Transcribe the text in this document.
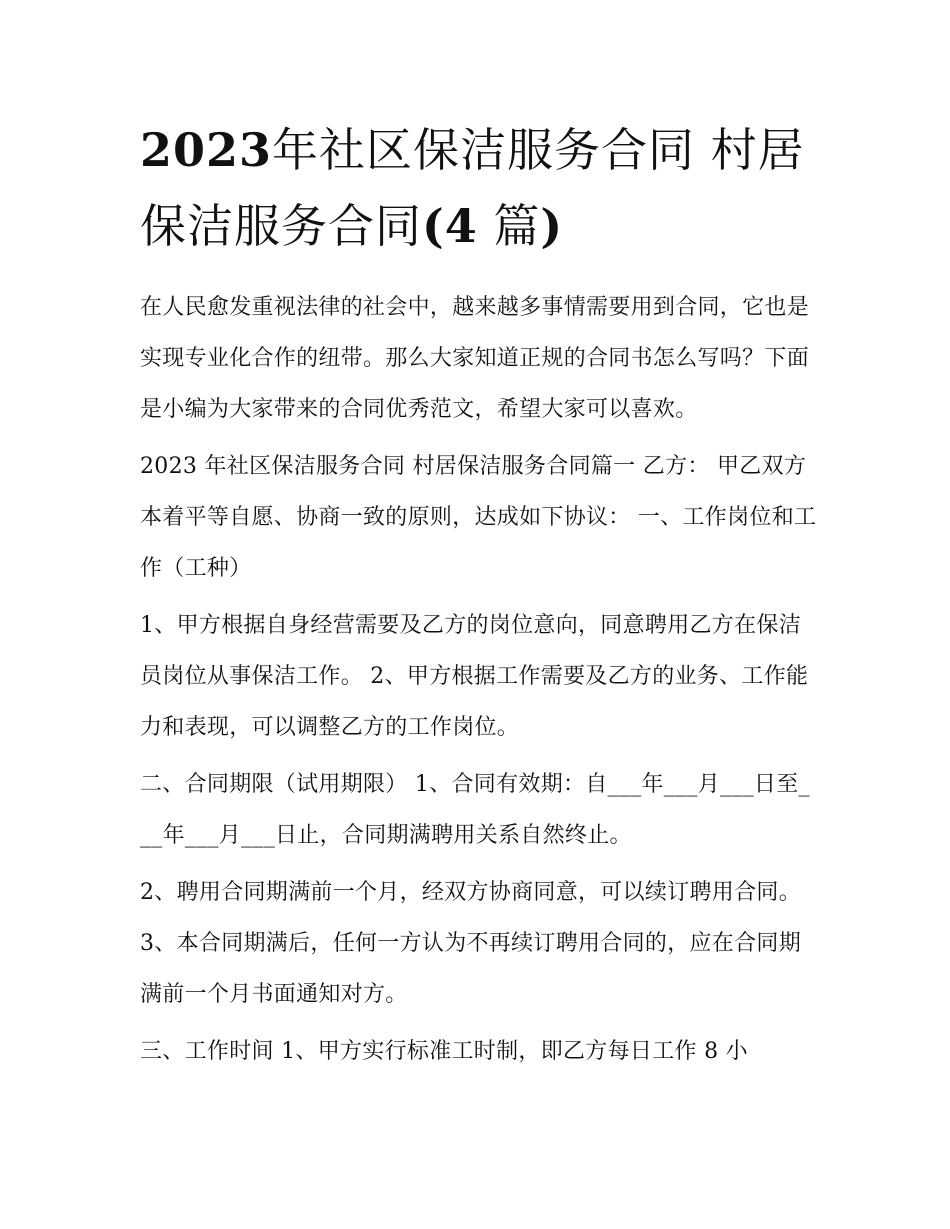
2023年社区保洁服务合同 村居保洁服务合同(4 篇)

在人民愈发重视法律的社会中，越来越多事情需要用到合同，它也是实现专业化合作的纽带。那么大家知道正规的合同书怎么写吗？下面是小编为大家带来的合同优秀范文，希望大家可以喜欢。

2023 年社区保洁服务合同 村居保洁服务合同篇一 乙方： 甲乙双方本着平等自愿、协商一致的原则，达成如下协议： 一、工作岗位和工作（工种）

1、甲方根据自身经营需要及乙方的岗位意向，同意聘用乙方在保洁员岗位从事保洁工作。 2、甲方根据工作需要及乙方的业务、工作能力和表现，可以调整乙方的工作岗位。

二、合同期限（试用期限） 1、合同有效期：自___年___月___日至___年___月___日止，合同期满聘用关系自然终止。

2、聘用合同期满前一个月，经双方协商同意，可以续订聘用合同。 3、本合同期满后，任何一方认为不再续订聘用合同的，应在合同期满前一个月书面通知对方。

三、工作时间 1、甲方实行标准工时制，即乙方每日工作 8 小
